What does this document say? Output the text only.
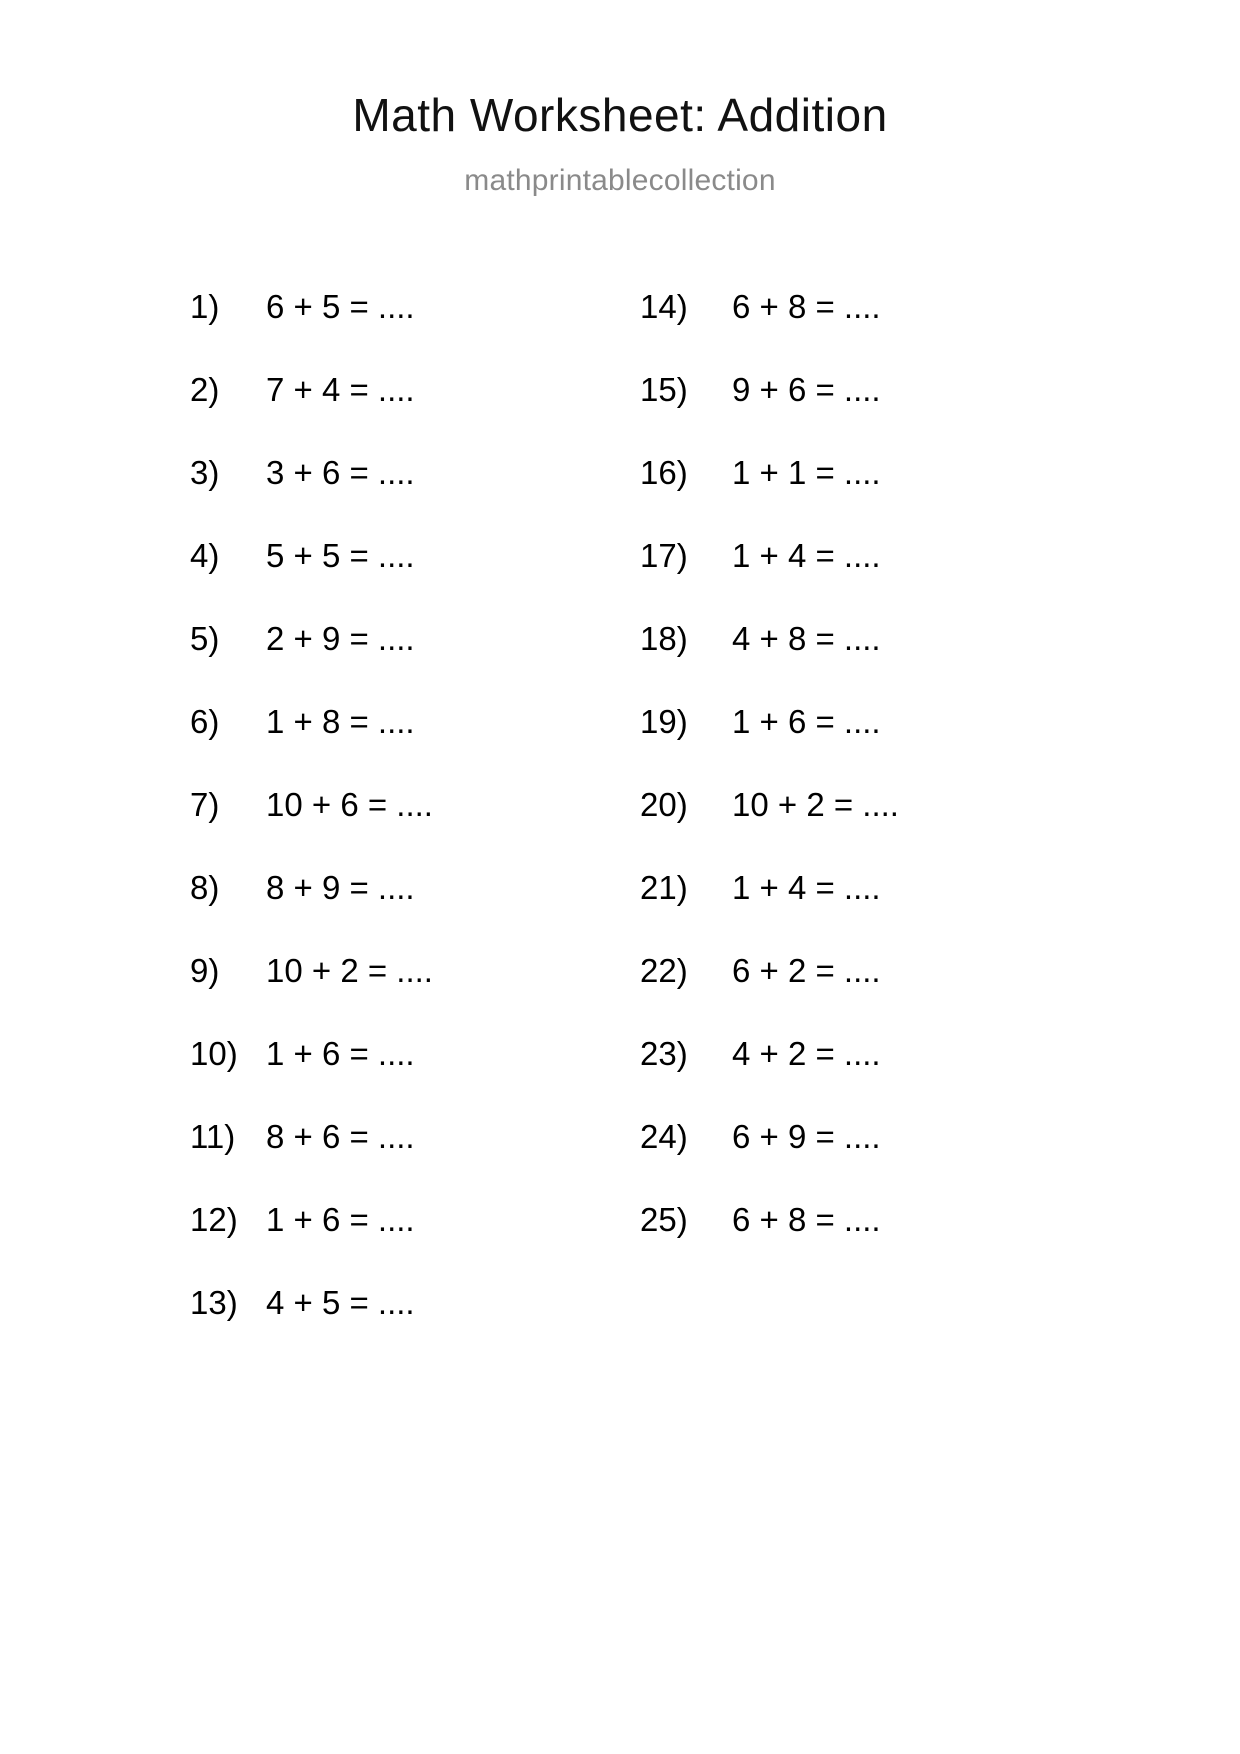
Math Worksheet: Addition
mathprintablecollection
1)	6 + 5 = ....
2)	7 + 4 = ....
3)	3 + 6 = ....
4)	5 + 5 = ....
5)	2 + 9 = ....
6)	1 + 8 = ....
7)	10 + 6 = ....
8)	8 + 9 = ....
9)	10 + 2 = ....
10) 1 + 6 = ....
11) 8 + 6 = ....
12) 1 + 6 = ....
13) 4 + 5 = ....
14)	6 + 8 = ....
15)	9 + 6 = ....
16)	1 + 1 = ....
17)	1 + 4 = ....
18)	4 + 8 = ....
19)	1 + 6 = ....
20)	10 + 2 = ....
21)	1 + 4 = ....
22)	6 + 2 = ....
23)	4 + 2 = ....
24)	6 + 9 = ....
25)	6 + 8 = ....
